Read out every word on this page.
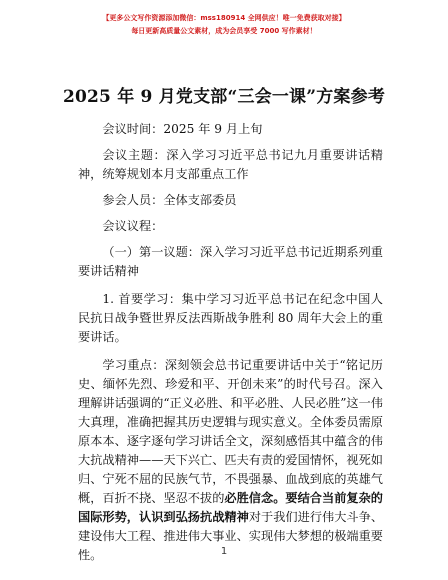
【更多公文写作资源添加微信：mss180914 全网供应！唯一免费获取对接】
每日更新高质量公文素材，成为会员享受 7000 写作素材！
2025 年 9 月党支部“三会一课”方案参考

会议时间：2025 年 9 月上旬

会议主题：深入学习习近平总书记九月重要讲话精神，统筹规划本月支部重点工作

参会人员：全体支部委员

会议议程：

（一）第一议题：深入学习习近平总书记近期系列重要讲话精神

1. 首要学习：集中学习习近平总书记在纪念中国人民抗日战争暨世界反法西斯战争胜利 80 周年大会上的重要讲话。

学习重点：深刻领会总书记重要讲话中关于“铭记历史、缅怀先烈、珍爱和平、开创未来”的时代号召。深入理解讲话强调的“正义必胜、和平必胜、人民必胜”这一伟大真理，准确把握其历史逻辑与现实意义。全体委员需原原本本、逐字逐句学习讲话全文，深刻感悟其中蕴含的伟大抗战精神——天下兴亡、匹夫有责的爱国情怀，视死如归、宁死不屈的民族气节，不畏强暴、血战到底的英雄气概，百折不挠、坚忍不拔的必胜信念。要结合当前复杂的国际形势，认识到弘扬抗战精神对于我们进行伟大斗争、建设伟大工程、推进伟大事业、实现伟大梦想的极端重要性。	1
